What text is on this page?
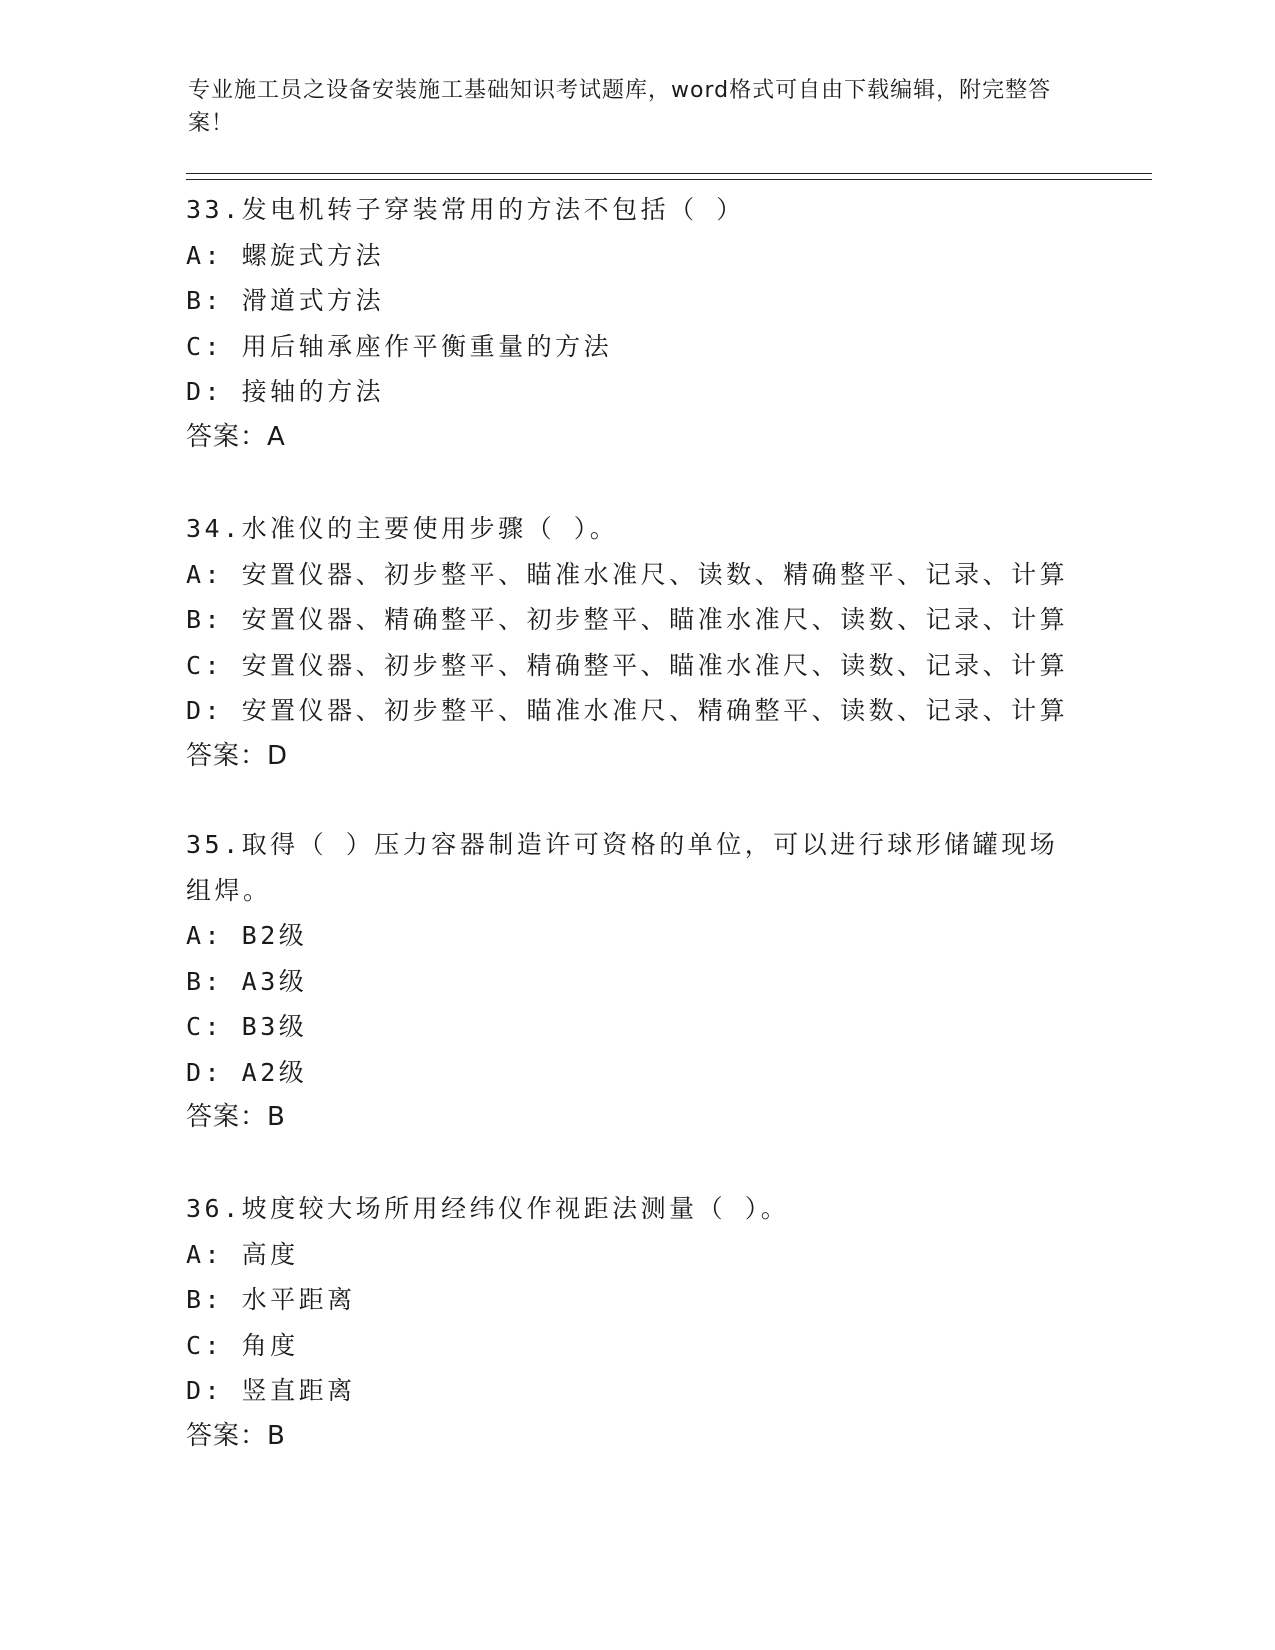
专业施工员之设备安装施工基础知识考试题库，word格式可自由下载编辑，附完整答案！
33.发电机转子穿装常用的方法不包括（ ）
A: 螺旋式方法
B: 滑道式方法
C: 用后轴承座作平衡重量的方法
D: 接轴的方法
答案：A
34.水准仪的主要使用步骤（ ）。
A: 安置仪器、初步整平、瞄准水准尺、读数、精确整平、记录、计算
B: 安置仪器、精确整平、初步整平、瞄准水准尺、读数、记录、计算
C: 安置仪器、初步整平、精确整平、瞄准水准尺、读数、记录、计算
D: 安置仪器、初步整平、瞄准水准尺、精确整平、读数、记录、计算
答案：D
35.取得（ ）压力容器制造许可资格的单位，可以进行球形储罐现场组焊。
A: B2级
B: A3级
C: B3级
D: A2级
答案：B
36.坡度较大场所用经纬仪作视距法测量（ ）。
A: 高度
B: 水平距离
C: 角度
D: 竖直距离
答案：B
